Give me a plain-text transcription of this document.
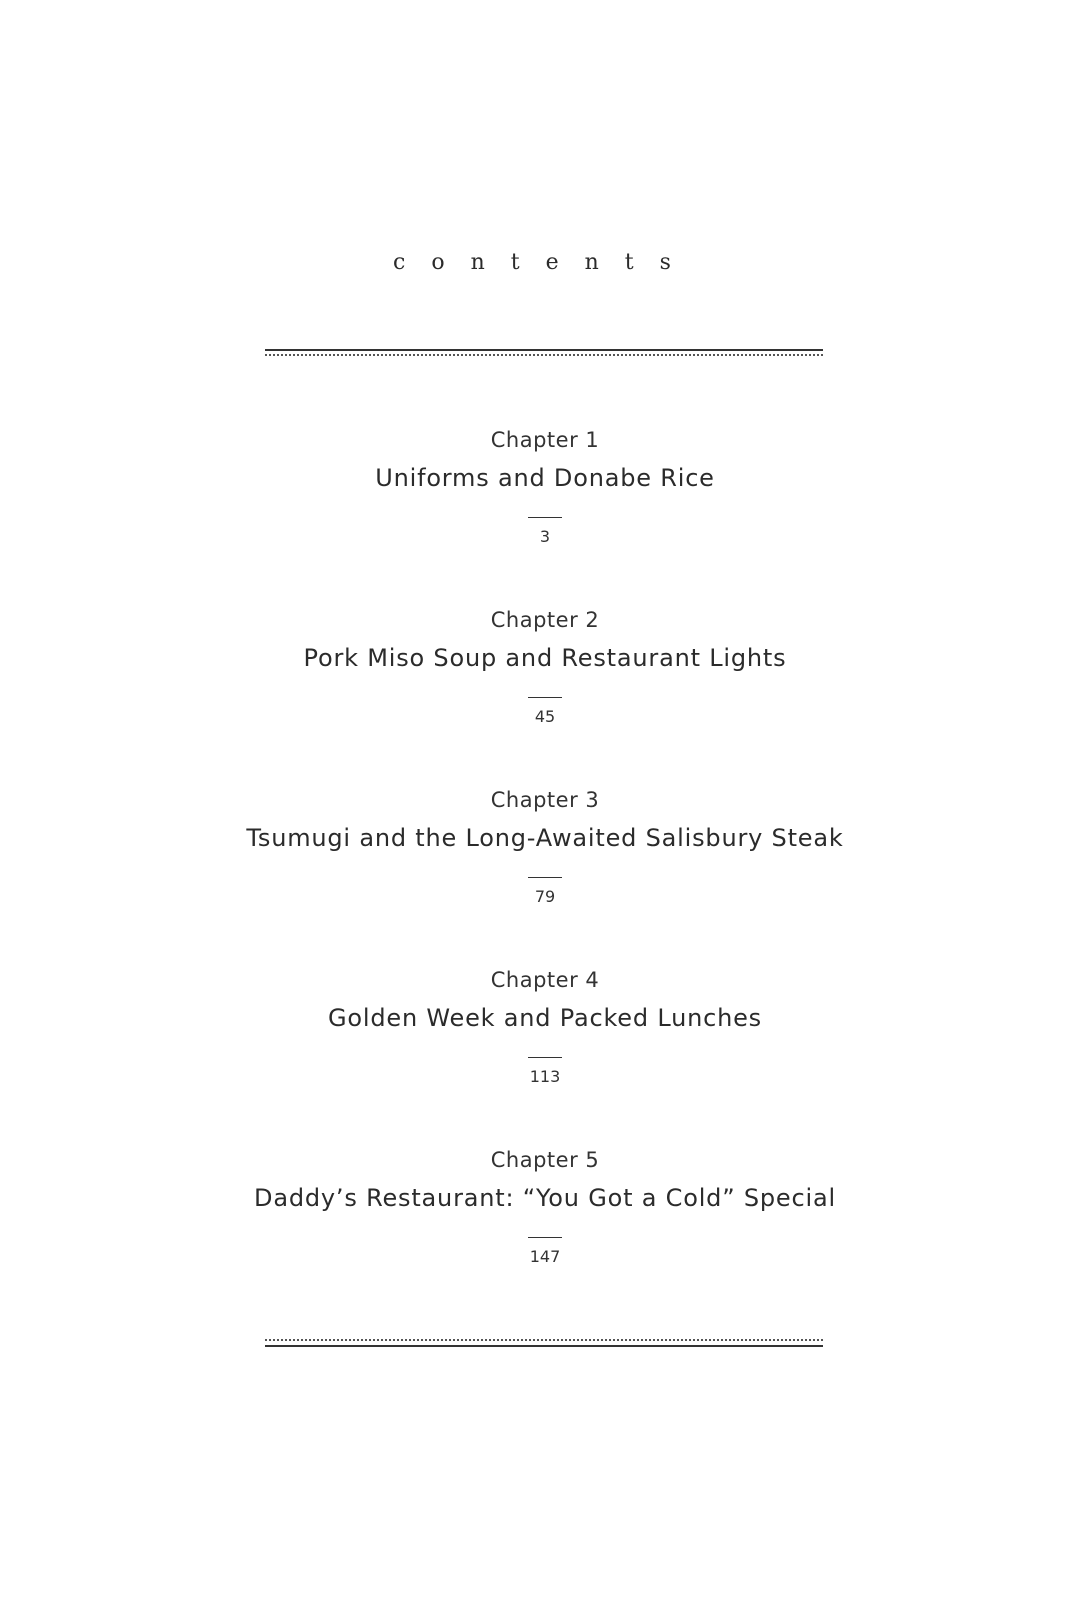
contents
Chapter 1
Uniforms and Donabe Rice
3
Chapter 2
Pork Miso Soup and Restaurant Lights
45
Chapter 3
Tsumugi and the Long-Awaited Salisbury Steak
79
Chapter 4
Golden Week and Packed Lunches
113
Chapter 5
Daddy’s Restaurant: “You Got a Cold” Special
147
